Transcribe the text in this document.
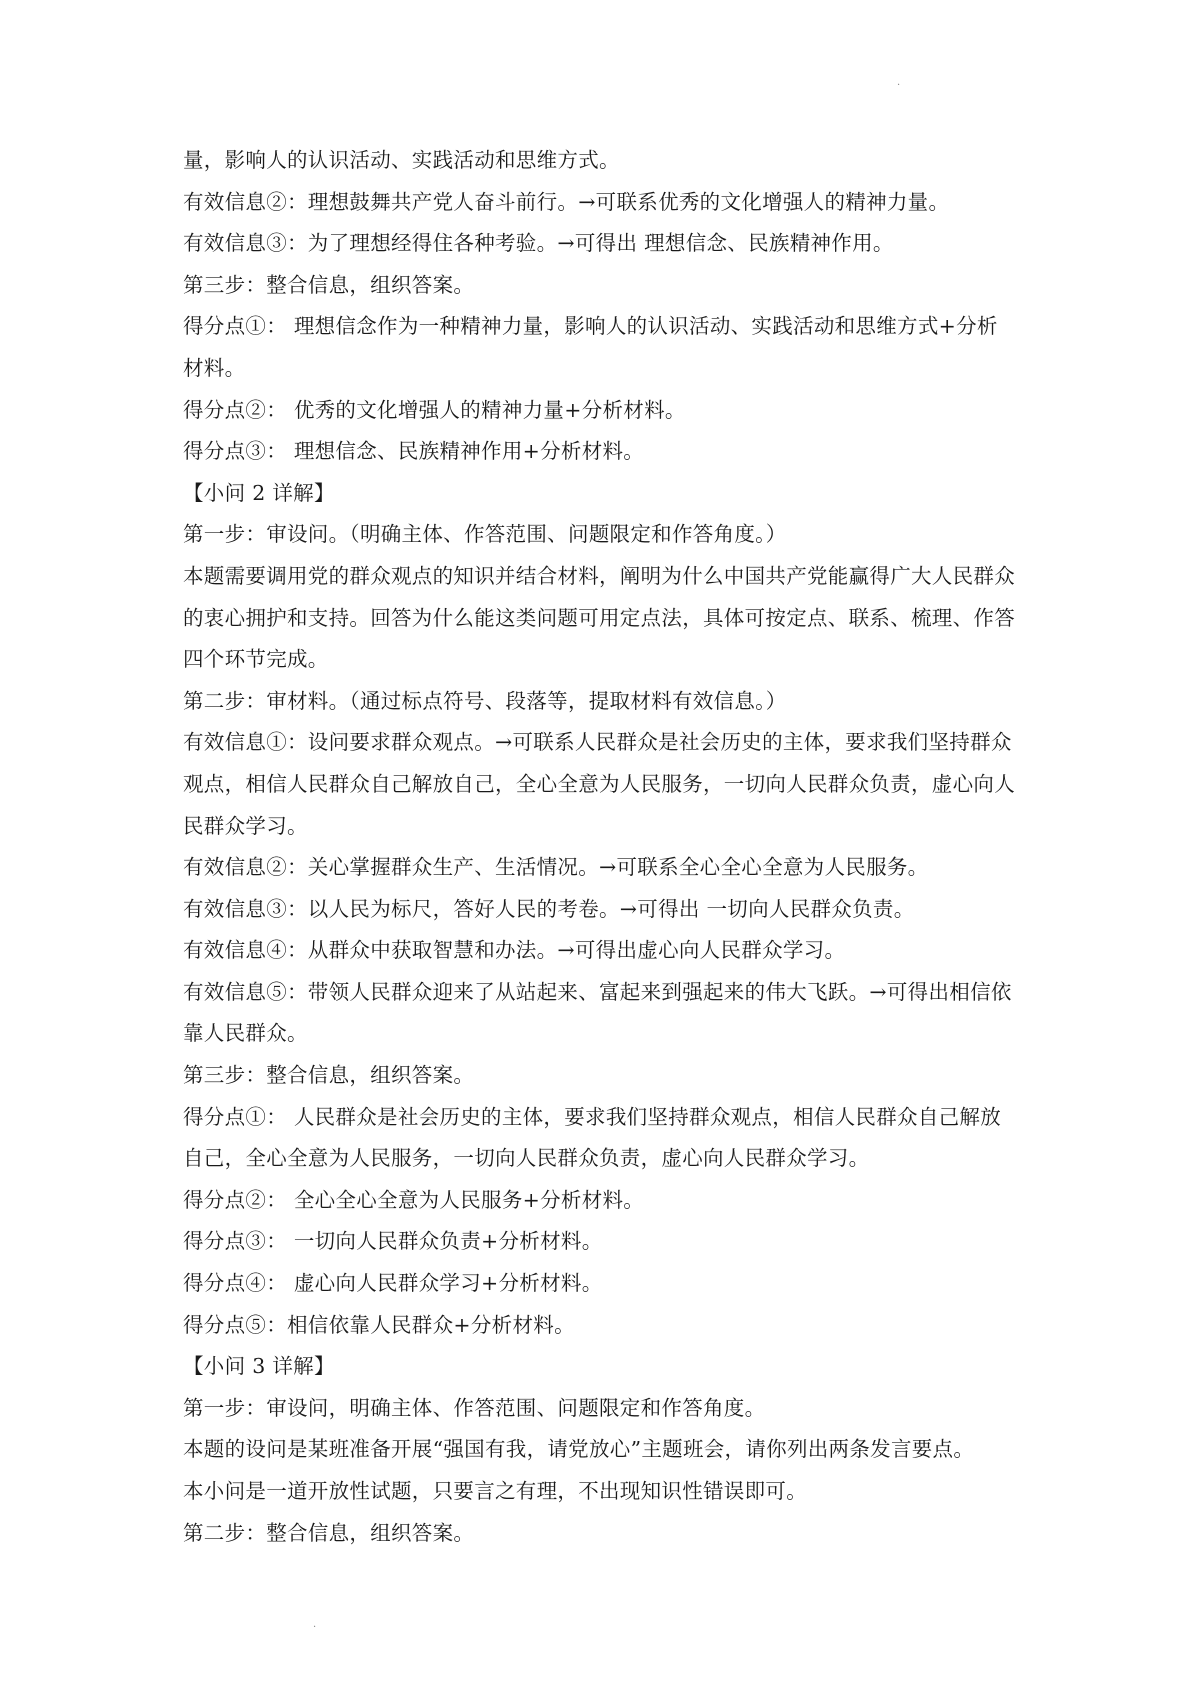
·
量，影响人的认识活动、实践活动和思维方式。
有效信息②：理想鼓舞共产党人奋斗前行。→可联系优秀的文化增强人的精神力量。
有效信息③：为了理想经得住各种考验。→可得出 理想信念、民族精神作用。
第三步：整合信息，组织答案。
得分点①： 理想信念作为一种精神力量，影响人的认识活动、实践活动和思维方式+分析
材料。
得分点②： 优秀的文化增强人的精神力量+分析材料。
得分点③： 理想信念、民族精神作用+分析材料。
【小问 2 详解】
第一步：审设问。（明确主体、作答范围、问题限定和作答角度。）
本题需要调用党的群众观点的知识并结合材料，阐明为什么中国共产党能赢得广大人民群众
的衷心拥护和支持。回答为什么能这类问题可用定点法，具体可按定点、联系、梳理、作答
四个环节完成。
第二步：审材料。（通过标点符号、段落等，提取材料有效信息。）
有效信息①：设问要求群众观点。→可联系人民群众是社会历史的主体，要求我们坚持群众
观点，相信人民群众自己解放自己，全心全意为人民服务，一切向人民群众负责，虚心向人
民群众学习。
有效信息②：关心掌握群众生产、生活情况。→可联系全心全心全意为人民服务。
有效信息③：以人民为标尺，答好人民的考卷。→可得出 一切向人民群众负责。
有效信息④：从群众中获取智慧和办法。→可得出虚心向人民群众学习。
有效信息⑤：带领人民群众迎来了从站起来、富起来到强起来的伟大飞跃。→可得出相信依
靠人民群众。
第三步：整合信息，组织答案。
得分点①： 人民群众是社会历史的主体，要求我们坚持群众观点，相信人民群众自己解放
自己，全心全意为人民服务，一切向人民群众负责，虚心向人民群众学习。
得分点②： 全心全心全意为人民服务+分析材料。
得分点③： 一切向人民群众负责+分析材料。
得分点④： 虚心向人民群众学习+分析材料。
得分点⑤：相信依靠人民群众+分析材料。
【小问 3 详解】
第一步：审设问，明确主体、作答范围、问题限定和作答角度。
本题的设问是某班准备开展“强国有我，请党放心”主题班会，请你列出两条发言要点。
本小问是一道开放性试题，只要言之有理，不出现知识性错误即可。
第二步：整合信息，组织答案。
·
